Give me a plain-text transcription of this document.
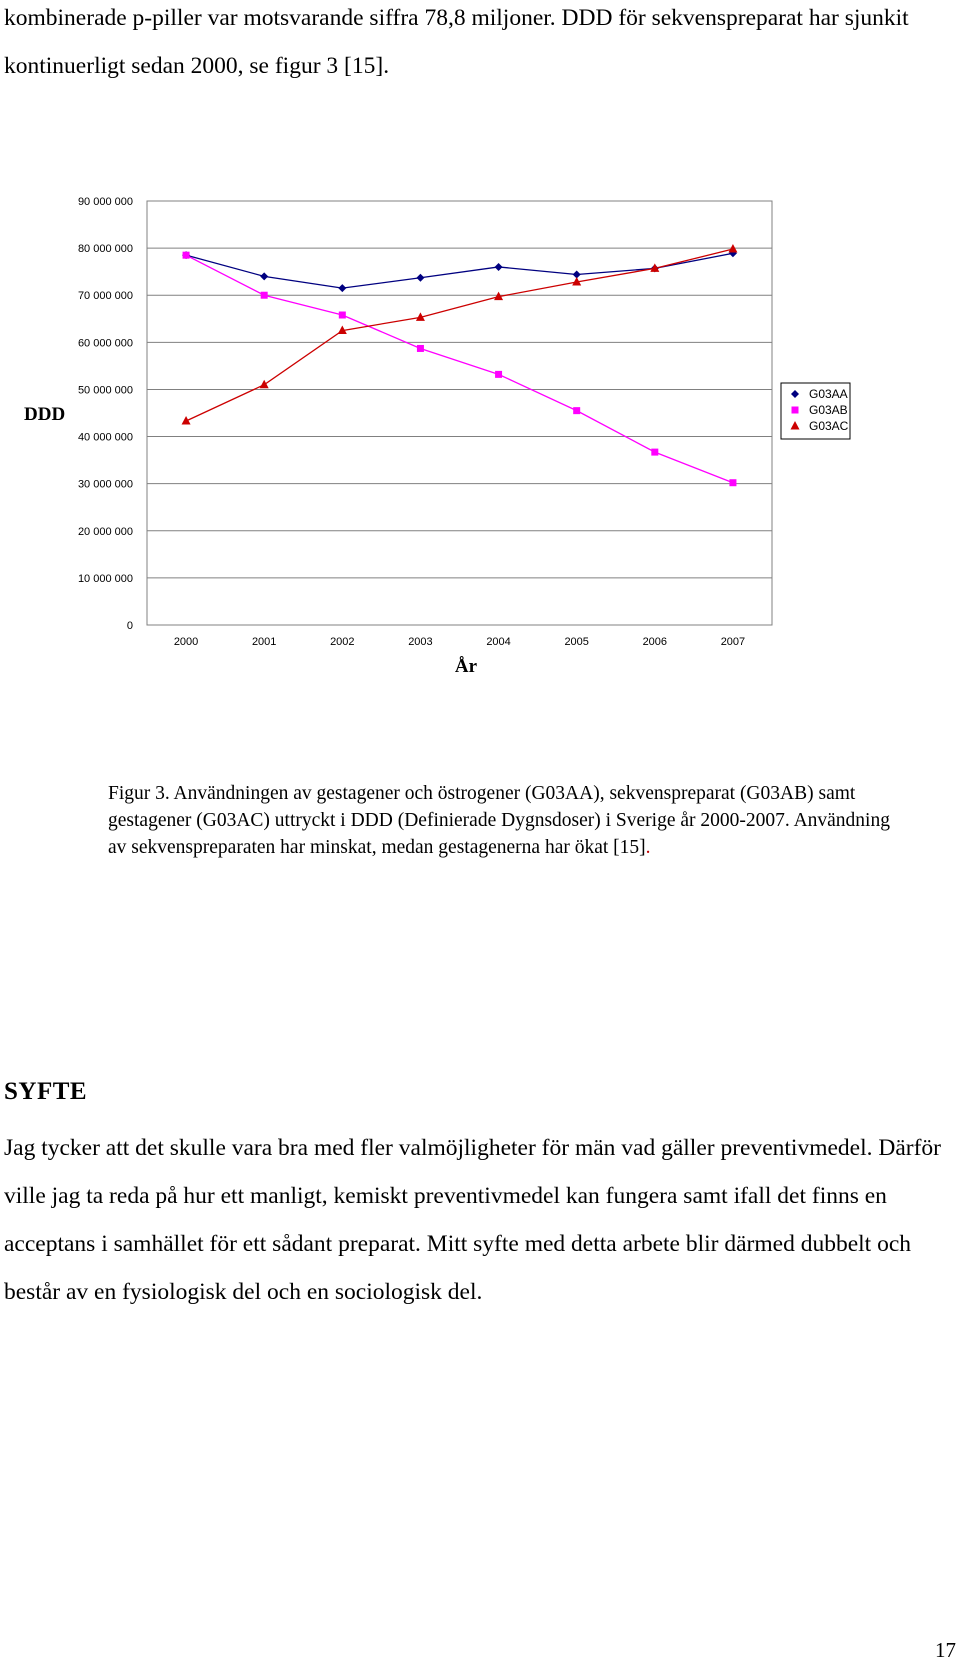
kombinerade p-piller var motsvarande siffra 78,8 miljoner. DDD för sekvenspreparat har sjunkit kontinuerligt sedan 2000, se figur 3 [15].

0
10 000 000
20 000 000
30 000 000
40 000 000
50 000 000
60 000 000
70 000 000
80 000 000
90 000 000
2000	2001	2002	2003	2004	2005	2006	2007
DDD
År
G03AA
G03AB
G03AC

Figur 3. Användningen av gestagener och östrogener (G03AA), sekvenspreparat (G03AB) samt gestagener (G03AC) uttryckt i DDD (Definierade Dygnsdoser) i Sverige år 2000-2007. Användning av sekvenspreparaten har minskat, medan gestagenerna har ökat [15].

SYFTE

Jag tycker att det skulle vara bra med fler valmöjligheter för män vad gäller preventivmedel. Därför ville jag ta reda på hur ett manligt, kemiskt preventivmedel kan fungera samt ifall det finns en acceptans i samhället för ett sådant preparat. Mitt syfte med detta arbete blir därmed dubbelt och består av en fysiologisk del och en sociologisk del.

17
